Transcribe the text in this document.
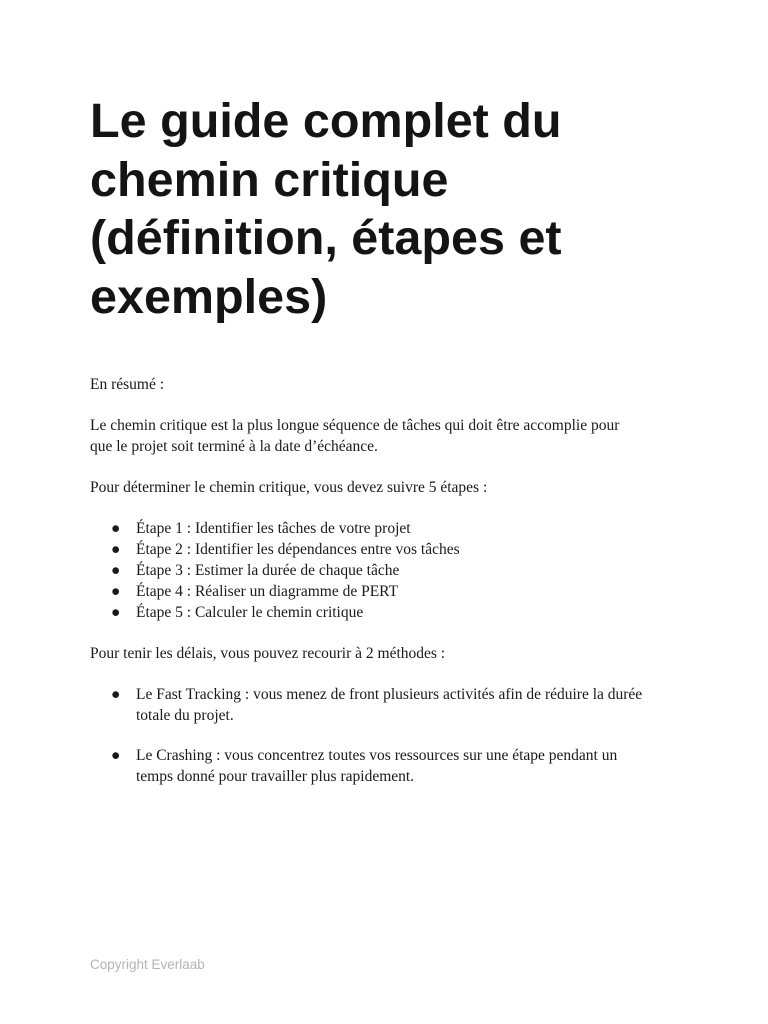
Le guide complet du
chemin critique
(définition, étapes et
exemples)

En résumé :

Le chemin critique est la plus longue séquence de tâches qui doit être accomplie pour
que le projet soit terminé à la date d’échéance.

Pour déterminer le chemin critique, vous devez suivre 5 étapes :

● Étape 1 : Identifier les tâches de votre projet
● Étape 2 : Identifier les dépendances entre vos tâches
● Étape 3 : Estimer la durée de chaque tâche
● Étape 4 : Réaliser un diagramme de PERT
● Étape 5 : Calculer le chemin critique

Pour tenir les délais, vous pouvez recourir à 2 méthodes :

● Le Fast Tracking : vous menez de front plusieurs activités afin de réduire la durée
totale du projet.
● Le Crashing : vous concentrez toutes vos ressources sur une étape pendant un
temps donné pour travailler plus rapidement.
Copyright Everlaab
